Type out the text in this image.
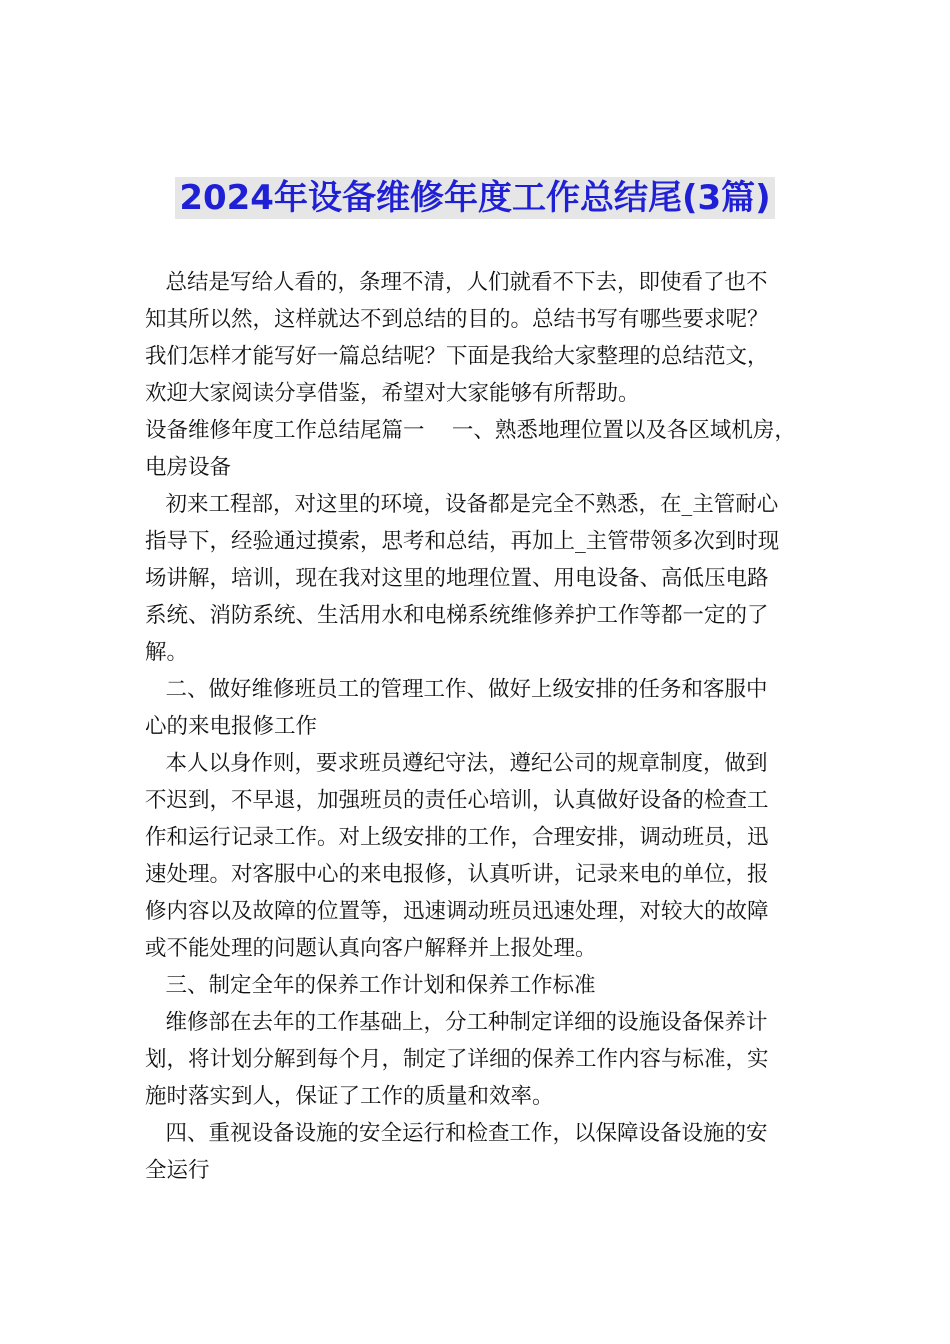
2024年设备维修年度工作总结尾(3篇)
总结是写给人看的，条理不清，人们就看不下去，即使看了也不
知其所以然，这样就达不到总结的目的。总结书写有哪些要求呢？
我们怎样才能写好一篇总结呢？下面是我给大家整理的总结范文，
欢迎大家阅读分享借鉴，希望对大家能够有所帮助。
设备维修年度工作总结尾篇一    一、熟悉地理位置以及各区域机房，
电房设备
初来工程部，对这里的环境，设备都是完全不熟悉，在_主管耐心
指导下，经验通过摸索，思考和总结，再加上_主管带领多次到时现
场讲解，培训，现在我对这里的地理位置、用电设备、高低压电路
系统、消防系统、生活用水和电梯系统维修养护工作等都一定的了
解。
二、做好维修班员工的管理工作、做好上级安排的任务和客服中
心的来电报修工作
本人以身作则，要求班员遵纪守法，遵纪公司的规章制度，做到
不迟到，不早退，加强班员的责任心培训，认真做好设备的检查工
作和运行记录工作。对上级安排的工作，合理安排，调动班员，迅
速处理。对客服中心的来电报修，认真听讲，记录来电的单位，报
修内容以及故障的位置等，迅速调动班员迅速处理，对较大的故障
或不能处理的问题认真向客户解释并上报处理。
三、制定全年的保养工作计划和保养工作标准
维修部在去年的工作基础上，分工种制定详细的设施设备保养计
划，将计划分解到每个月，制定了详细的保养工作内容与标准，实
施时落实到人，保证了工作的质量和效率。
四、重视设备设施的安全运行和检查工作，以保障设备设施的安
全运行
